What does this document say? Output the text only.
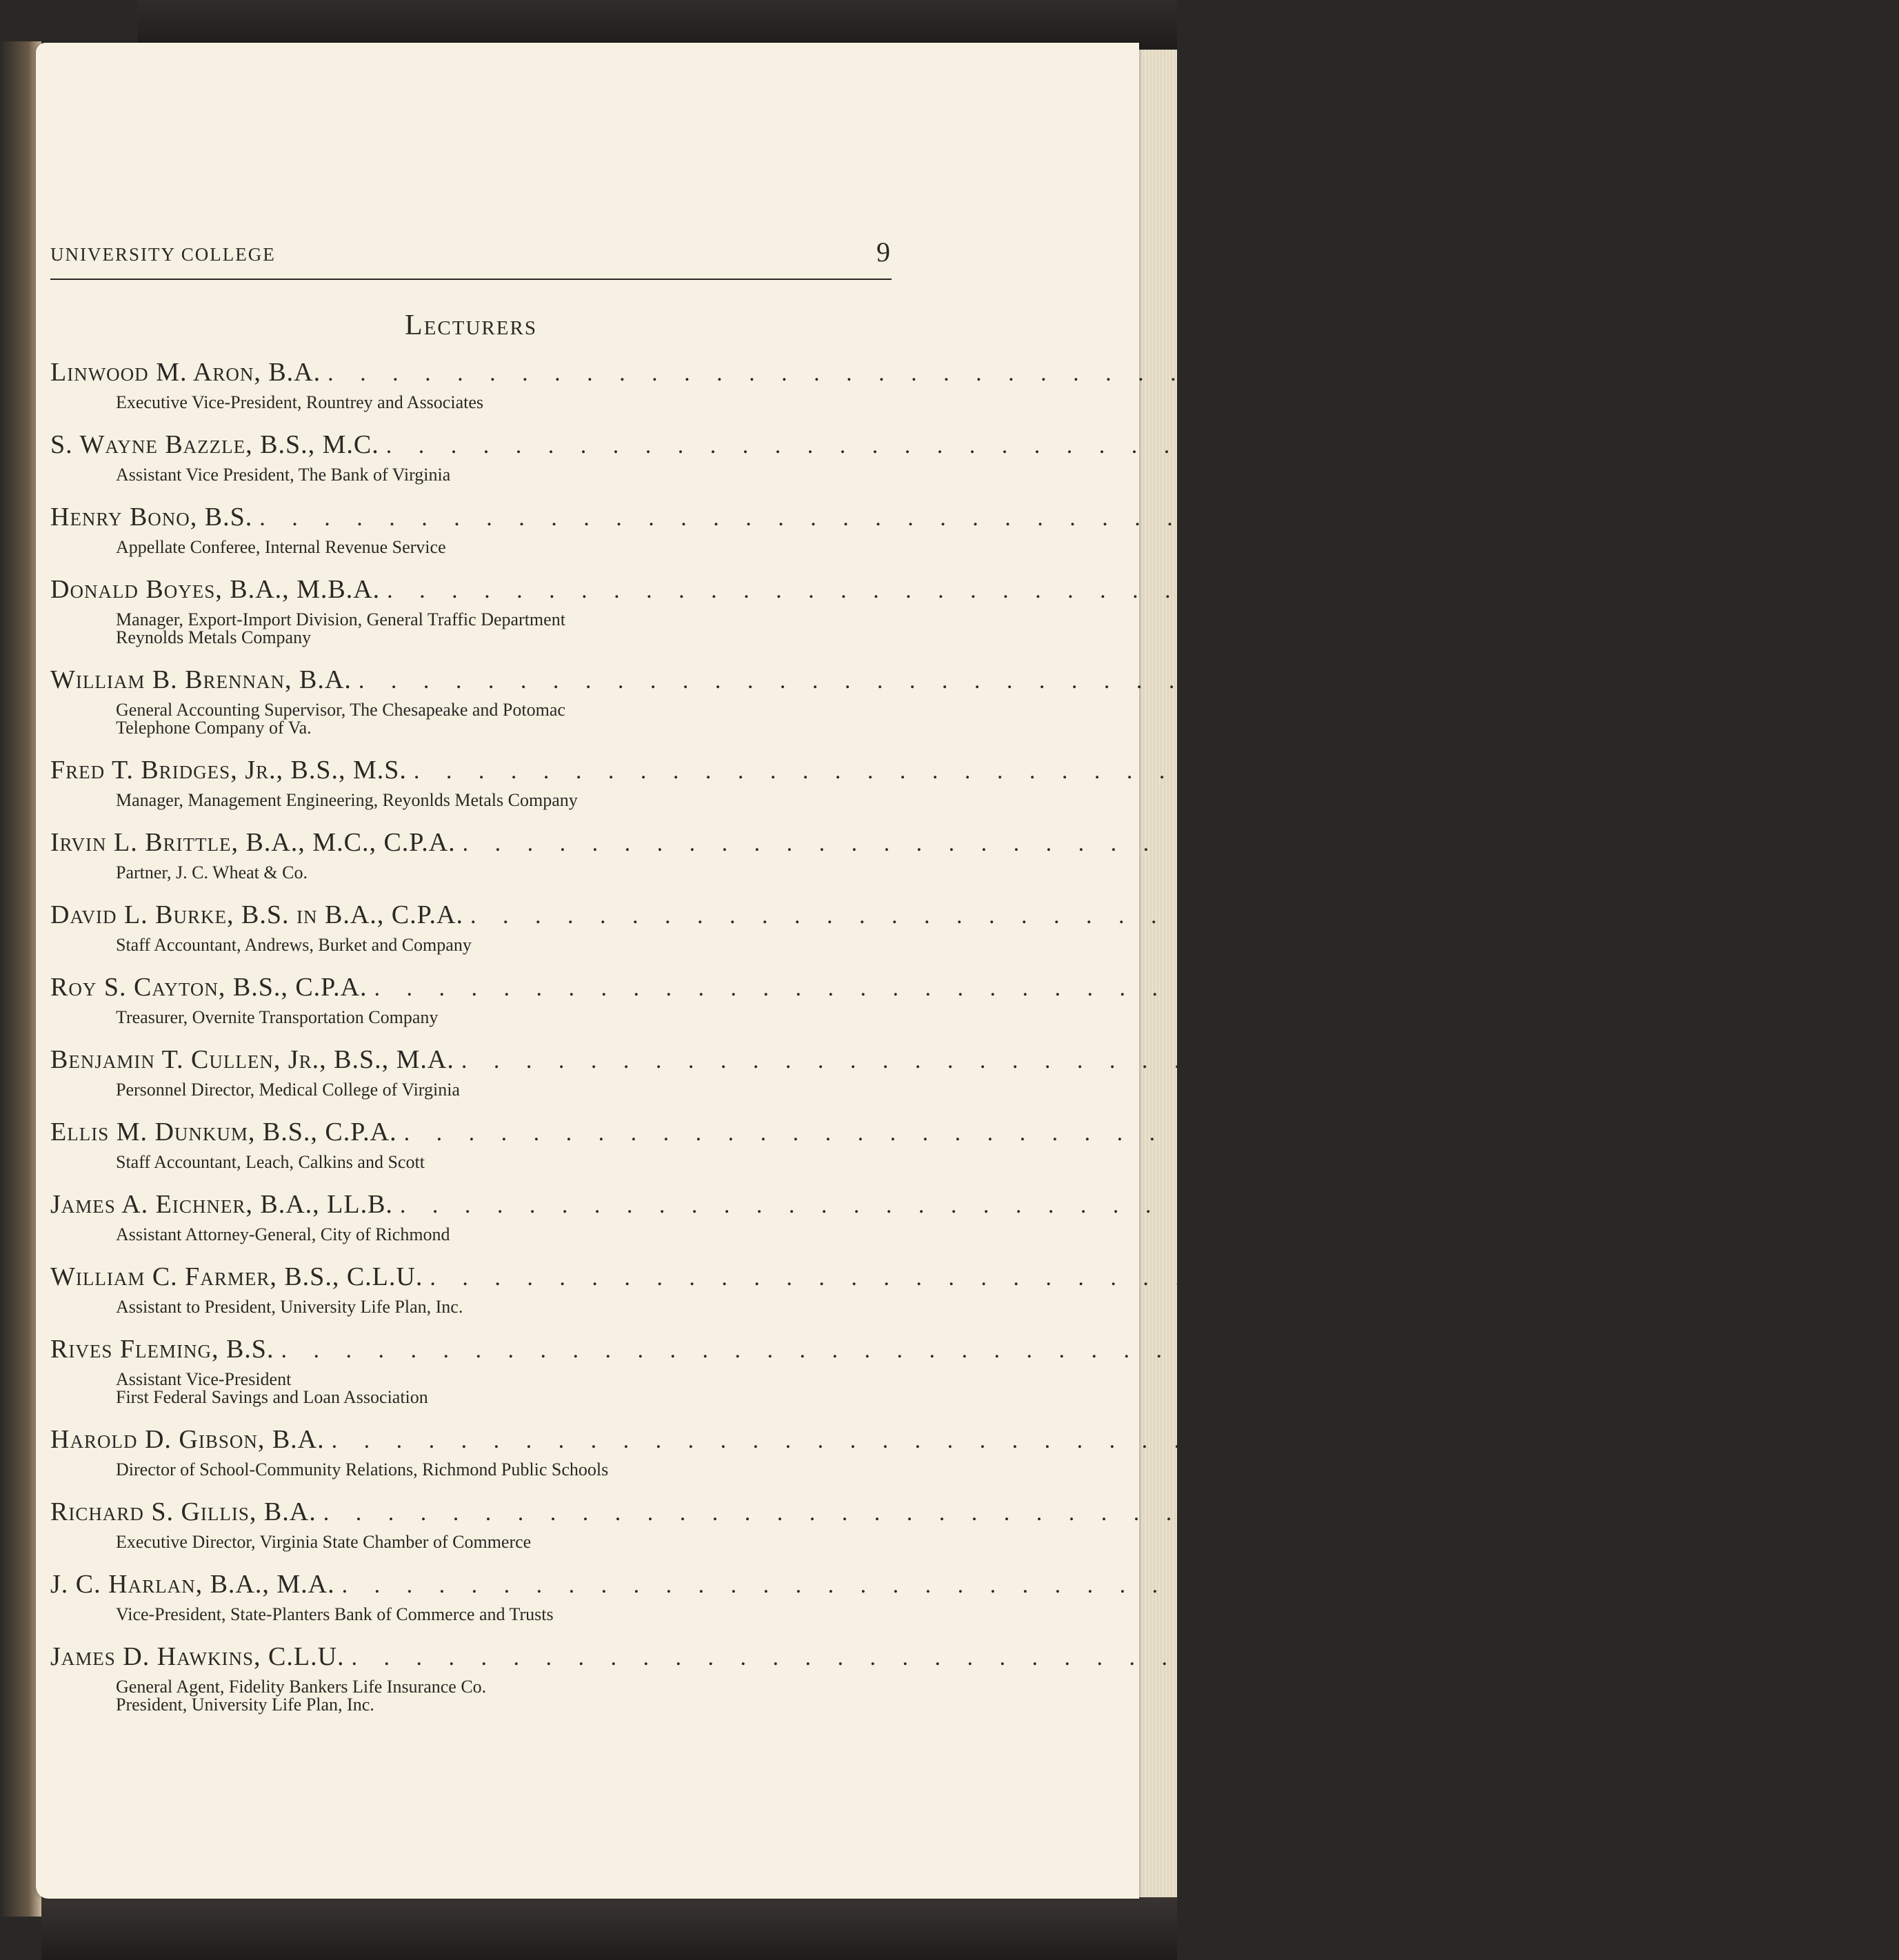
UNIVERSITY COLLEGE	9
Lecturers
Linwood M. Aron, B.A. . . . . . . . . . . . . . . . . . . . . . . . . . . . . . . . . . . . . . . . . Real Estate Appraisal
Executive Vice-President, Rountrey and Associates
S. Wayne Bazzle, B.S., M.C. . . . . . . . . . . . . . . . . . . . . . . . . . . . . . . . . . . . . . . . . Banking
Assistant Vice President, The Bank of Virginia
Henry Bono, B.S. . . . . . . . . . . . . . . . . . . . . . . . . . . . . . . . . . . . . . . . . Accounting
Appellate Conferee, Internal Revenue Service
Donald Boyes, B.A., M.B.A. . . . . . . . . . . . . . . . . . . . . . . . . . . . . . . . . . . . . . . . . Traffic Management
Manager, Export-Import Division, General Traffic Department
Reynolds Metals Company
William B. Brennan, B.A. . . . . . . . . . . . . . . . . . . . . . . . . . . . . . . . . . . . . . . . . Office Management
General Accounting Supervisor, The Chesapeake and Potomac
Telephone Company of Va.
Fred T. Bridges, Jr., B.S., M.S. . . . . . . . . . . . . . . . . . . . . . . . . . . . . . . . . . . . . . . . . Management
Manager, Management Engineering, Reyonlds Metals Company
Irvin L. Brittle, B.A., M.C., C.P.A. . . . . . . . . . . . . . . . . . . . . . . . . . . . . . . . . . . . . . . . . Accounting
Partner, J. C. Wheat & Co.
David L. Burke, B.S. in B.A., C.P.A. . . . . . . . . . . . . . . . . . . . . . . . . . . . . . . . . . . . . . . . . Accounting
Staff Accountant, Andrews, Burket and Company
Roy S. Cayton, B.S., C.P.A. . . . . . . . . . . . . . . . . . . . . . . . . . . . . . . . . . . . . . . . . Accounting
Treasurer, Overnite Transportation Company
Benjamin T. Cullen, Jr., B.S., M.A. . . . . . . . . . . . . . . . . . . . . . . . . . . . . . . . . . . . . . . . . Personnel
Personnel Director, Medical College of Virginia
Ellis M. Dunkum, B.S., C.P.A. . . . . . . . . . . . . . . . . . . . . . . . . . . . . . . . . . . . . . . . . Accounting
Staff Accountant, Leach, Calkins and Scott
James A. Eichner, B.A., LL.B. . . . . . . . . . . . . . . . . . . . . . . . . . . . . . . . . . . . . . . . . Business Law
Assistant Attorney-General, City of Richmond
William C. Farmer, B.S., C.L.U. . . . . . . . . . . . . . . . . . . . . . . . . . . . . . . . . . . . . . . . . Insurance
Assistant to President, University Life Plan, Inc.
Rives Fleming, B.S. . . . . . . . . . . . . . . . . . . . . . . . . . . . . . . . . . . . . . . . . Banking
Assistant Vice-President
First Federal Savings and Loan Association
Harold D. Gibson, B.A. . . . . . . . . . . . . . . . . . . . . . . . . . . . . . . . . . . . . . . . . English
Director of School-Community Relations, Richmond Public Schools
Richard S. Gillis, B.A. . . . . . . . . . . . . . . . . . . . . . . . . . . . . . . . . . . . . . . . . Public Relations
Executive Director, Virginia State Chamber of Commerce
J. C. Harlan, B.A., M.A. . . . . . . . . . . . . . . . . . . . . . . . . . . . . . . . . . . . . . . . . Credit Administration
Vice-President, State-Planters Bank of Commerce and Trusts
James D. Hawkins, C.L.U. . . . . . . . . . . . . . . . . . . . . . . . . . . . . . . . . . . . . . . . . Life Insurance
General Agent, Fidelity Bankers Life Insurance Co.
President, University Life Plan, Inc.
